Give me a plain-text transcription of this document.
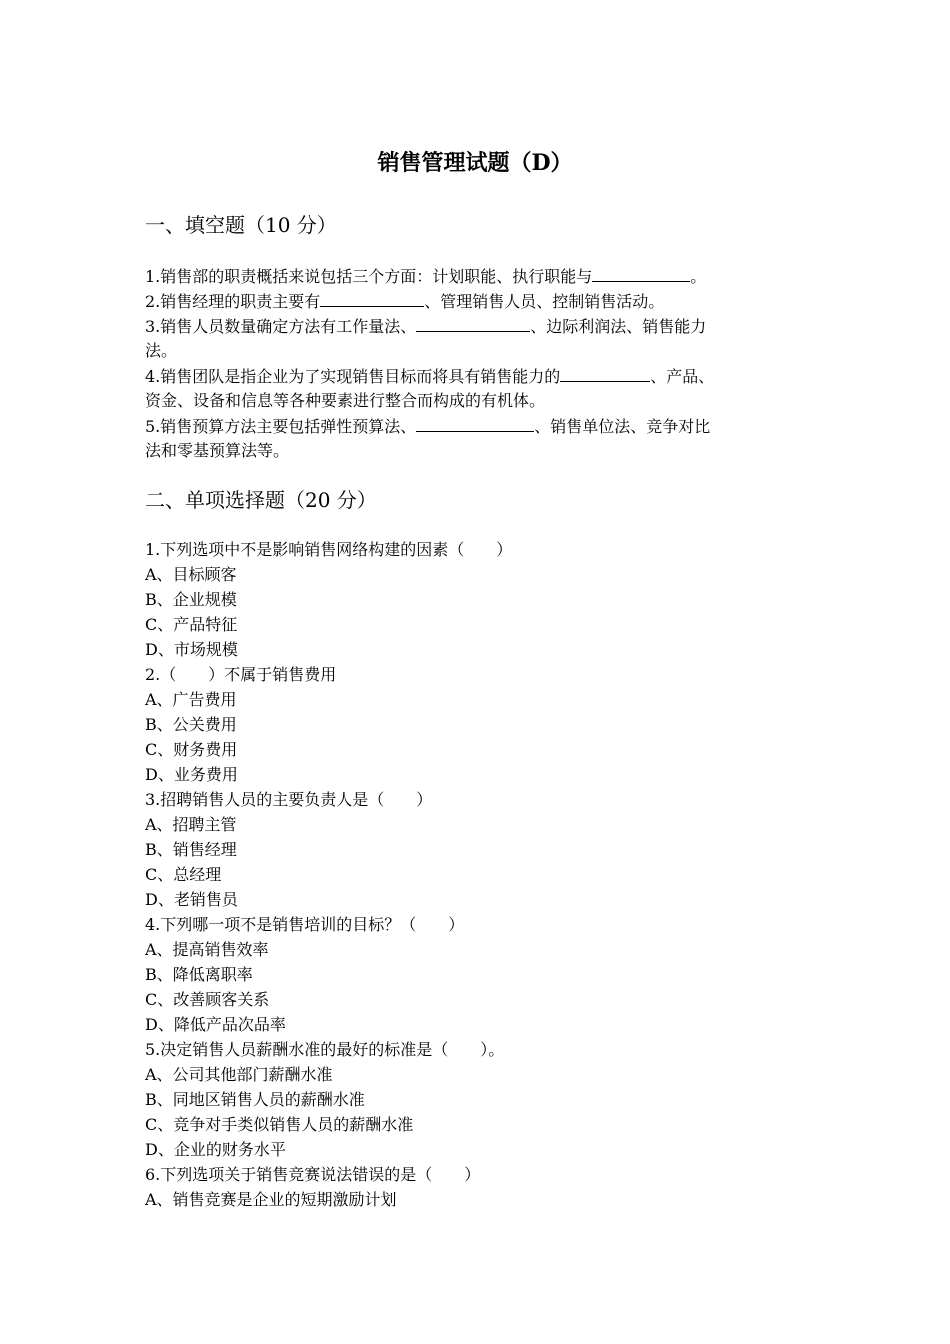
销售管理试题（D）
一、填空题（10 分）
1.销售部的职责概括来说包括三个方面：计划职能、执行职能与	。
2.销售经理的职责主要有	、管理销售人员、控制销售活动。
3.销售人员数量确定方法有工作量法、	、边际利润法、销售能力
法。
4.销售团队是指企业为了实现销售目标而将具有销售能力的	、产品、
资金、设备和信息等各种要素进行整合而构成的有机体。
5.销售预算方法主要包括弹性预算法、	、销售单位法、竞争对比
法和零基预算法等。
二、单项选择题（20 分）
1.下列选项中不是影响销售网络构建的因素（　　）
A、目标顾客
B、企业规模
C、产品特征
D、市场规模
2.（　　）不属于销售费用
A、广告费用
B、公关费用
C、财务费用
D、业务费用
3.招聘销售人员的主要负责人是（　　）
A、招聘主管
B、销售经理
C、总经理
D、老销售员
4.下列哪一项不是销售培训的目标？（　　）
A、提高销售效率
B、降低离职率
C、改善顾客关系
D、降低产品次品率
5.决定销售人员薪酬水准的最好的标准是（　　）。
A、公司其他部门薪酬水准
B、同地区销售人员的薪酬水准
C、竞争对手类似销售人员的薪酬水准
D、企业的财务水平
6.下列选项关于销售竞赛说法错误的是（　　）
A、销售竞赛是企业的短期激励计划
